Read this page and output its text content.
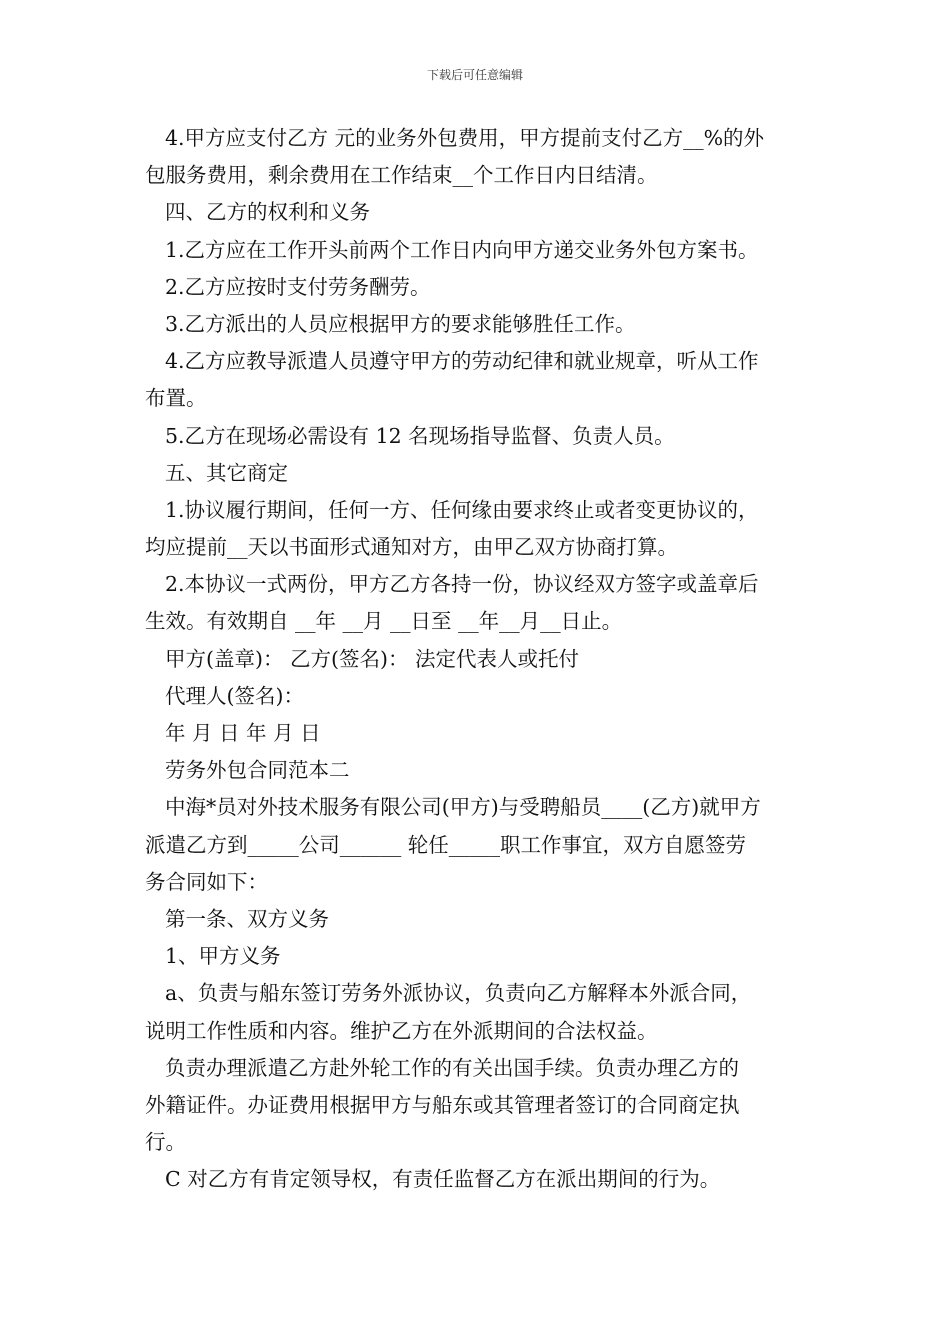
下载后可任意编辑
4.甲方应支付乙方 元的业务外包费用，甲方提前支付乙方__%的外
包服务费用，剩余费用在工作结束__个工作日内日结清。
四、乙方的权利和义务
1.乙方应在工作开头前两个工作日内向甲方递交业务外包方案书。
2.乙方应按时支付劳务酬劳。
3.乙方派出的人员应根据甲方的要求能够胜任工作。
4.乙方应教导派遣人员遵守甲方的劳动纪律和就业规章，听从工作
布置。
5.乙方在现场必需设有 12 名现场指导监督、负责人员。
五、其它商定
1.协议履行期间，任何一方、任何缘由要求终止或者变更协议的，
均应提前__天以书面形式通知对方，由甲乙双方协商打算。
2.本协议一式两份，甲方乙方各持一份，协议经双方签字或盖章后
生效。有效期自 __年 __月 __日至 __年__月__日止。
甲方(盖章)： 乙方(签名)： 法定代表人或托付
代理人(签名)：
年 月 日 年 月 日
劳务外包合同范本二
中海*员对外技术服务有限公司(甲方)与受聘船员____(乙方)就甲方
派遣乙方到_____公司______ 轮任_____职工作事宜，双方自愿签劳
务合同如下：
第一条、双方义务
1、甲方义务
a、负责与船东签订劳务外派协议，负责向乙方解释本外派合同，
说明工作性质和内容。维护乙方在外派期间的合法权益。
负责办理派遣乙方赴外轮工作的有关出国手续。负责办理乙方的
外籍证件。办证费用根据甲方与船东或其管理者签订的合同商定执
行。
C 对乙方有肯定领导权，有责任监督乙方在派出期间的行为。
